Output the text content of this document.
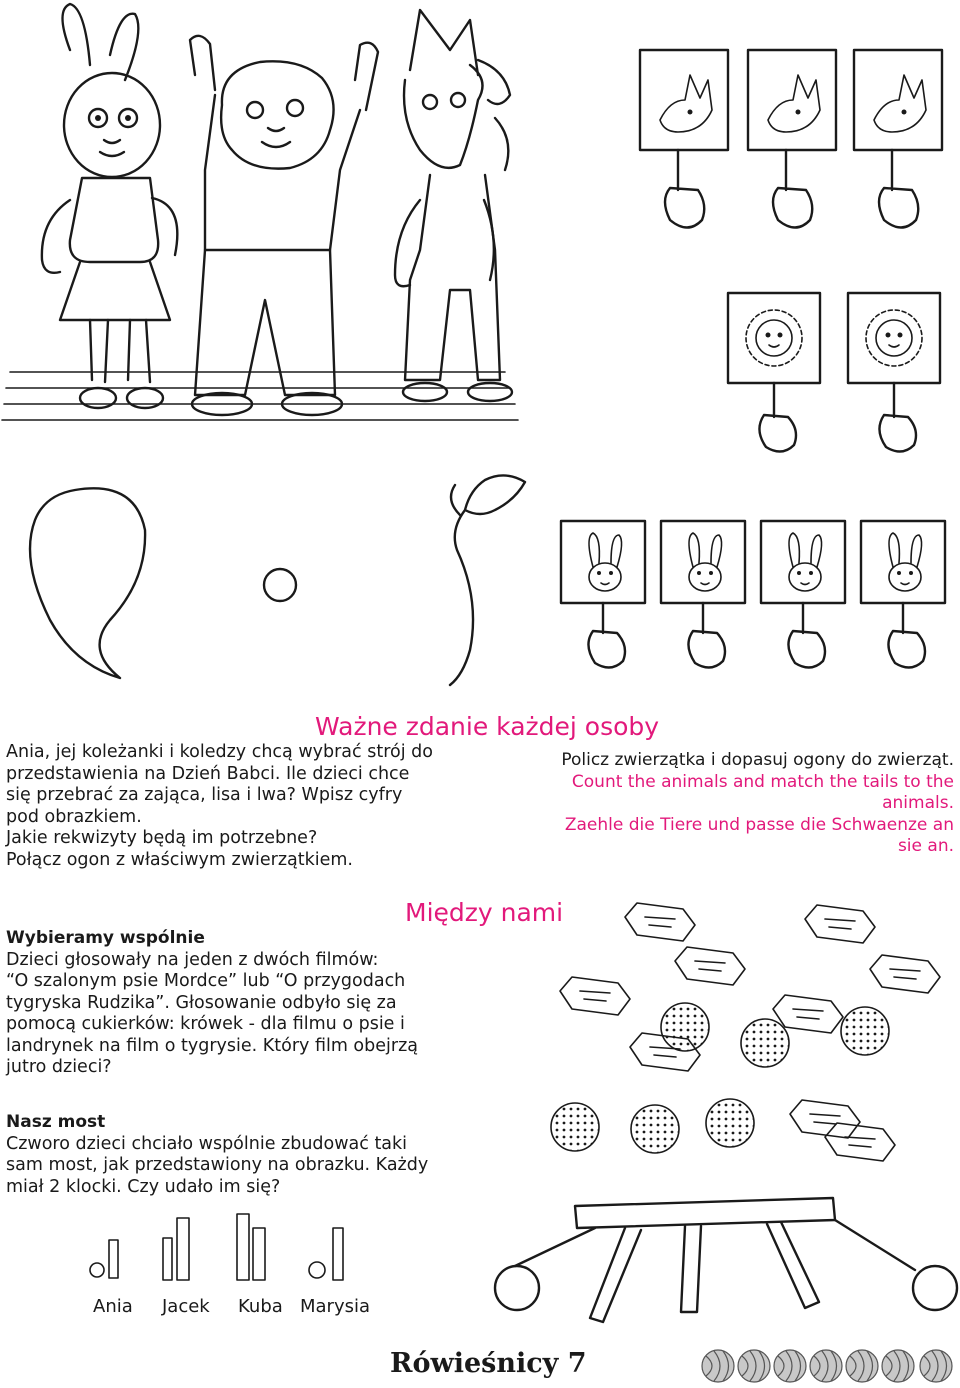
Ważne zdanie każdej osoby
Ania, jej koleżanki i koledzy chcą wybrać strój do
przedstawienia na Dzień Babci. Ile dzieci chce
się przebrać za zająca, lisa i lwa? Wpisz cyfry
pod obrazkiem.
Jakie rekwizyty będą im potrzebne?
Połącz ogon z właściwym zwierzątkiem.
Policz zwierzątka i dopasuj ogony do zwierząt.
Count the animals and match the tails to the
animals.
Zaehle die Tiere und passe die Schwaenze an
sie an.
Między nami
Wybieramy wspólnie
Dzieci głosowały na jeden z dwóch filmów:
“O szalonym psie Mordce” lub “O przygodach
tygryska Rudzika”. Głosowanie odbyło się za
pomocą cukierków: krówek - dla filmu o psie i
landrynek na film o tygrysie. Który film obejrzą
jutro dzieci?
Nasz most
Czworo dzieci chciało wspólnie zbudować taki
sam most, jak przedstawiony na obrazku. Każdy
miał 2 klocki. Czy udało im się?
Ania Jacek Kuba Marysia
Rówieśnicy 7
